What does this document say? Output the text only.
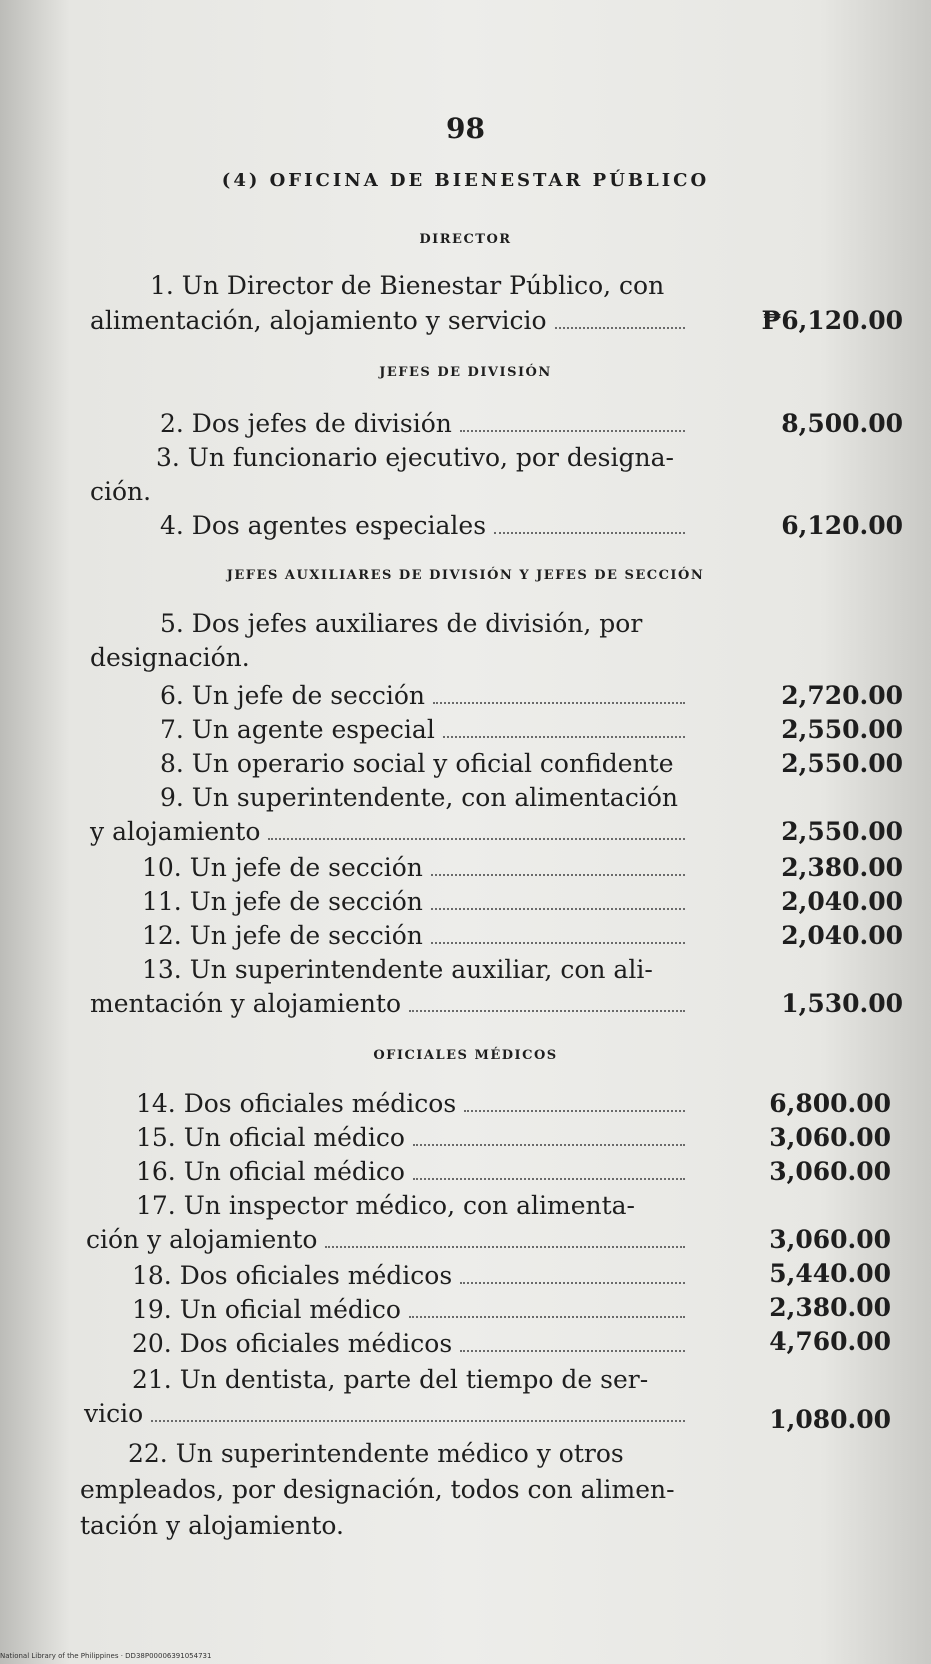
98
(4) OFICINA DE BIENESTAR PÚBLICO
DIRECTOR
1. Un Director de Bienestar Público, con
alimentación, alojamiento y servicio	₱6,120.00
JEFES DE DIVISIÓN
2. Dos jefes de división	8,500.00
3. Un funcionario ejecutivo, por designa-
ción.
4. Dos agentes especiales	6,120.00
JEFES AUXILIARES DE DIVISIÓN Y JEFES DE SECCIÓN
5. Dos jefes auxiliares de división, por
designación.
6. Un jefe de sección	2,720.00
7. Un agente especial	2,550.00
8. Un operario social y oficial confidente	2,550.00
9. Un superintendente, con alimentación
y alojamiento	2,550.00
10. Un jefe de sección	2,380.00
11. Un jefe de sección	2,040.00
12. Un jefe de sección	2,040.00
13. Un superintendente auxiliar, con ali-
mentación y alojamiento	1,530.00
OFICIALES MÉDICOS
14. Dos oficiales médicos	6,800.00
15. Un oficial médico	3,060.00
16. Un oficial médico	3,060.00
17. Un inspector médico, con alimenta-
ción y alojamiento	3,060.00
18. Dos oficiales médicos	5,440.00
19. Un oficial médico	2,380.00
20. Dos oficiales médicos	4,760.00
21. Un dentista, parte del tiempo de ser-
vicio	1,080.00
22. Un superintendente médico y otros
empleados, por designación, todos con alimen-
tación y alojamiento.
National Library of the Philippines · DD38P00006391054731
